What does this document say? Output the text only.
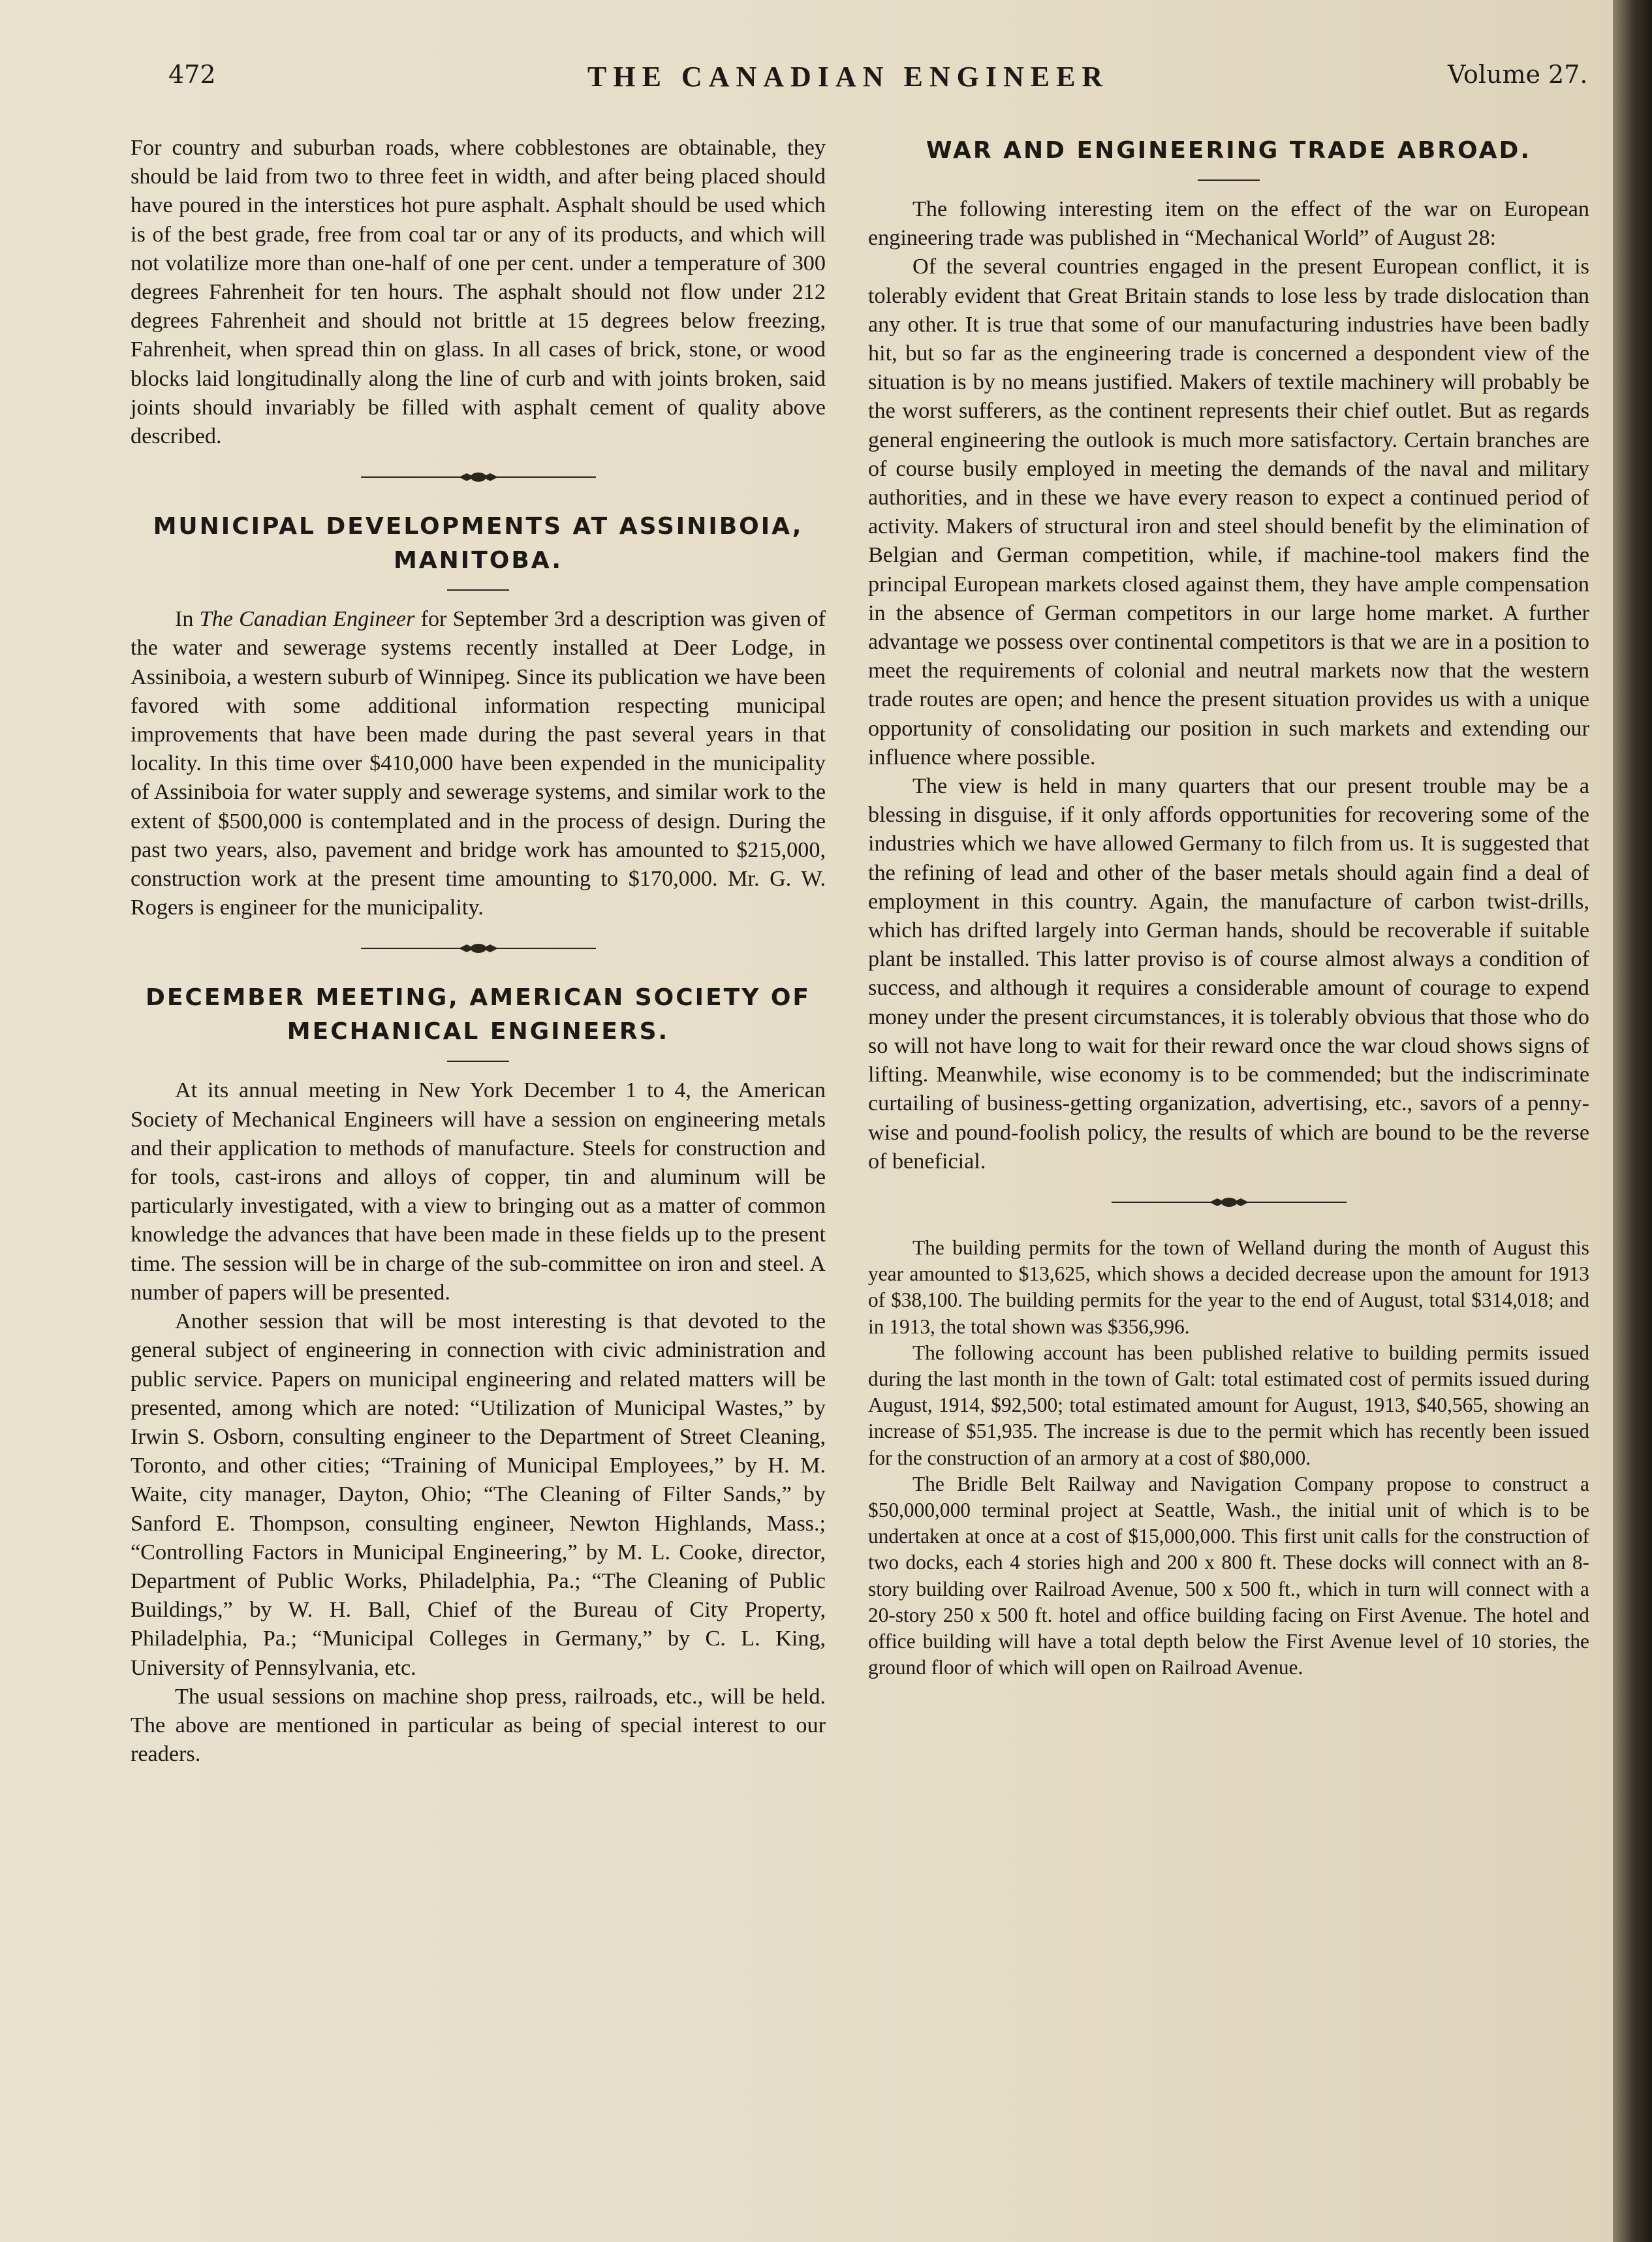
472	THE CANADIAN ENGINEER	Volume 27.

For country and suburban roads, where cobblestones are obtainable, they should be laid from two to three feet in width, and after being placed should have poured in the interstices hot pure asphalt. Asphalt should be used which is of the best grade, free from coal tar or any of its products, and which will not volatilize more than one-half of one per cent. under a temperature of 300 degrees Fahrenheit for ten hours. The asphalt should not flow under 212 degrees Fahrenheit and should not brittle at 15 degrees below freezing, Fahrenheit, when spread thin on glass. In all cases of brick, stone, or wood blocks laid longitudinally along the line of curb and with joints broken, said joints should invariably be filled with asphalt cement of quality above described.

MUNICIPAL DEVELOPMENTS AT ASSINIBOIA, MANITOBA.

In The Canadian Engineer for September 3rd a description was given of the water and sewerage systems recently installed at Deer Lodge, in Assiniboia, a western suburb of Winnipeg. Since its publication we have been favored with some additional information respecting municipal improvements that have been made during the past several years in that locality. In this time over $410,000 have been expended in the municipality of Assiniboia for water supply and sewerage systems, and similar work to the extent of $500,000 is contemplated and in the process of design. During the past two years, also, pavement and bridge work has amounted to $215,000, construction work at the present time amounting to $170,000. Mr. G. W. Rogers is engineer for the municipality.

DECEMBER MEETING, AMERICAN SOCIETY OF MECHANICAL ENGINEERS.

At its annual meeting in New York December 1 to 4, the American Society of Mechanical Engineers will have a session on engineering metals and their application to methods of manufacture. Steels for construction and for tools, cast-irons and alloys of copper, tin and aluminum will be particularly investigated, with a view to bringing out as a matter of common knowledge the advances that have been made in these fields up to the present time. The session will be in charge of the sub-committee on iron and steel. A number of papers will be presented.

Another session that will be most interesting is that devoted to the general subject of engineering in connection with civic administration and public service. Papers on municipal engineering and related matters will be presented, among which are noted: “Utilization of Municipal Wastes,” by Irwin S. Osborn, consulting engineer to the Department of Street Cleaning, Toronto, and other cities; “Training of Municipal Employees,” by H. M. Waite, city manager, Dayton, Ohio; “The Cleaning of Filter Sands,” by Sanford E. Thompson, consulting engineer, Newton Highlands, Mass.; “Controlling Factors in Municipal Engineering,” by M. L. Cooke, director, Department of Public Works, Philadelphia, Pa.; “The Cleaning of Public Buildings,” by W. H. Ball, Chief of the Bureau of City Property, Philadelphia, Pa.; “Municipal Colleges in Germany,” by C. L. King, University of Pennsylvania, etc.

The usual sessions on machine shop press, railroads, etc., will be held. The above are mentioned in particular as being of special interest to our readers.

WAR AND ENGINEERING TRADE ABROAD.

The following interesting item on the effect of the war on European engineering trade was published in “Mechanical World” of August 28:

Of the several countries engaged in the present European conflict, it is tolerably evident that Great Britain stands to lose less by trade dislocation than any other. It is true that some of our manufacturing industries have been badly hit, but so far as the engineering trade is concerned a despondent view of the situation is by no means justified. Makers of textile machinery will probably be the worst sufferers, as the continent represents their chief outlet. But as regards general engineering the outlook is much more satisfactory. Certain branches are of course busily employed in meeting the demands of the naval and military authorities, and in these we have every reason to expect a continued period of activity. Makers of structural iron and steel should benefit by the elimination of Belgian and German competition, while, if machine-tool makers find the principal European markets closed against them, they have ample compensation in the absence of German competitors in our large home market. A further advantage we possess over continental competitors is that we are in a position to meet the requirements of colonial and neutral markets now that the western trade routes are open; and hence the present situation provides us with a unique opportunity of consolidating our position in such markets and extending our influence where possible.

The view is held in many quarters that our present trouble may be a blessing in disguise, if it only affords opportunities for recovering some of the industries which we have allowed Germany to filch from us. It is suggested that the refining of lead and other of the baser metals should again find a deal of employment in this country. Again, the manufacture of carbon twist-drills, which has drifted largely into German hands, should be recoverable if suitable plant be installed. This latter proviso is of course almost always a condition of success, and although it requires a considerable amount of courage to expend money under the present circumstances, it is tolerably obvious that those who do so will not have long to wait for their reward once the war cloud shows signs of lifting. Meanwhile, wise economy is to be commended; but the indiscriminate curtailing of business-getting organization, advertising, etc., savors of a penny-wise and pound-foolish policy, the results of which are bound to be the reverse of beneficial.

The building permits for the town of Welland during the month of August this year amounted to $13,625, which shows a decided decrease upon the amount for 1913 of $38,100. The building permits for the year to the end of August, total $314,018; and in 1913, the total shown was $356,996.

The following account has been published relative to building permits issued during the last month in the town of Galt: total estimated cost of permits issued during August, 1914, $92,500; total estimated amount for August, 1913, $40,565, showing an increase of $51,935. The increase is due to the permit which has recently been issued for the construction of an armory at a cost of $80,000.

The Bridle Belt Railway and Navigation Company propose to construct a $50,000,000 terminal project at Seattle, Wash., the initial unit of which is to be undertaken at once at a cost of $15,000,000. This first unit calls for the construction of two docks, each 4 stories high and 200 x 800 ft. These docks will connect with an 8-story building over Railroad Avenue, 500 x 500 ft., which in turn will connect with a 20-story 250 x 500 ft. hotel and office building facing on First Avenue. The hotel and office building will have a total depth below the First Avenue level of 10 stories, the ground floor of which will open on Railroad Avenue.
